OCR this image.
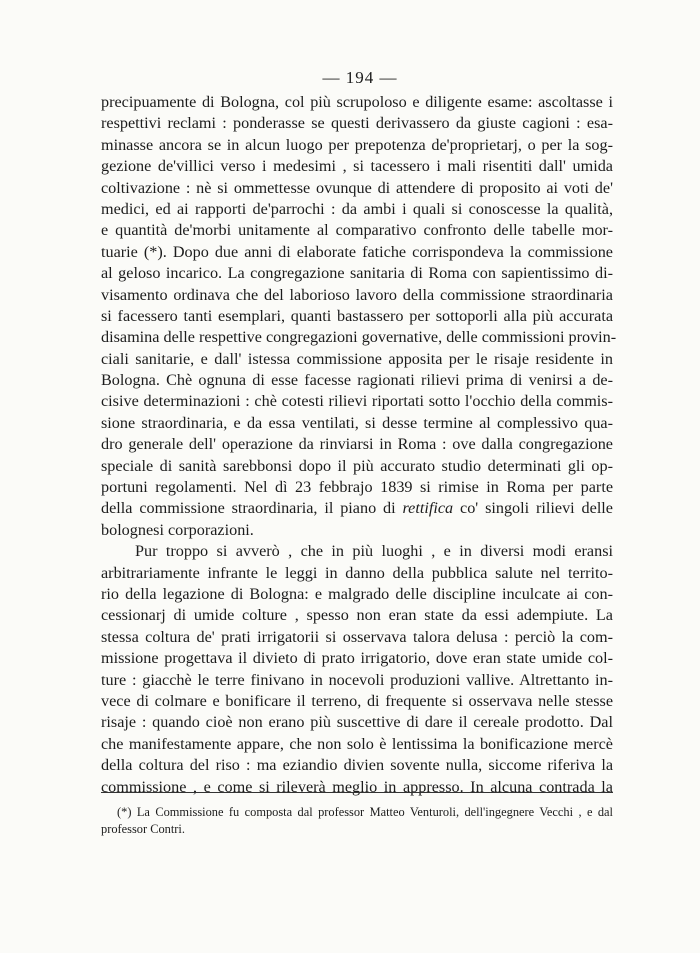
— 194 —
precipuamente di Bologna, col più scrupoloso e diligente esame: ascoltasse i
respettivi reclami : ponderasse se questi derivassero da giuste cagioni : esa-
minasse ancora se in alcun luogo per prepotenza de'proprietarj, o per la sog-
gezione de'villici verso i medesimi , si tacessero i mali risentiti dall' umida
coltivazione : nè si ommettesse ovunque di attendere di proposito ai voti de'
medici, ed ai rapporti de'parrochi : da ambi i quali si conoscesse la qualità,
e quantità de'morbi unitamente al comparativo confronto delle tabelle mor-
tuarie (*). Dopo due anni di elaborate fatiche corrispondeva la commissione
al geloso incarico. La congregazione sanitaria di Roma con sapientissimo di-
visamento ordinava che del laborioso lavoro della commissione straordinaria
si facessero tanti esemplari, quanti bastassero per sottoporli alla più accurata
disamina delle respettive congregazioni governative, delle commissioni provin-
ciali sanitarie, e dall' istessa commissione apposita per le risaje residente in
Bologna. Chè ognuna di esse facesse ragionati rilievi prima di venirsi a de-
cisive determinazioni : chè cotesti rilievi riportati sotto l'occhio della commis-
sione straordinaria, e da essa ventilati, si desse termine al complessivo qua-
dro generale dell' operazione da rinviarsi in Roma : ove dalla congregazione
speciale di sanità sarebbonsi dopo il più accurato studio determinati gli op-
portuni regolamenti. Nel dì 23 febbrajo 1839 si rimise in Roma per parte
della commissione straordinaria, il piano di rettifica co' singoli rilievi delle
bolognesi corporazioni.
Pur troppo si avverò , che in più luoghi , e in diversi modi eransi
arbitrariamente infrante le leggi in danno della pubblica salute nel territo-
rio della legazione di Bologna: e malgrado delle discipline inculcate ai con-
cessionarj di umide colture , spesso non eran state da essi adempiute. La
stessa coltura de' prati irrigatorii si osservava talora delusa : perciò la com-
missione progettava il divieto di prato irrigatorio, dove eran state umide col-
ture : giacchè le terre finivano in nocevoli produzioni vallive. Altrettanto in-
vece di colmare e bonificare il terreno, di frequente si osservava nelle stesse
risaje : quando cioè non erano più suscettive di dare il cereale prodotto. Dal
che manifestamente appare, che non solo è lentissima la bonificazione mercè
della coltura del riso : ma eziandio divien sovente nulla, siccome riferiva la
commissione , e come si rileverà meglio in appresso. In alcuna contrada la
(*) La Commissione fu composta dal professor Matteo Venturoli, dell'ingegnere Vecchi , e dal
professor Contri.
